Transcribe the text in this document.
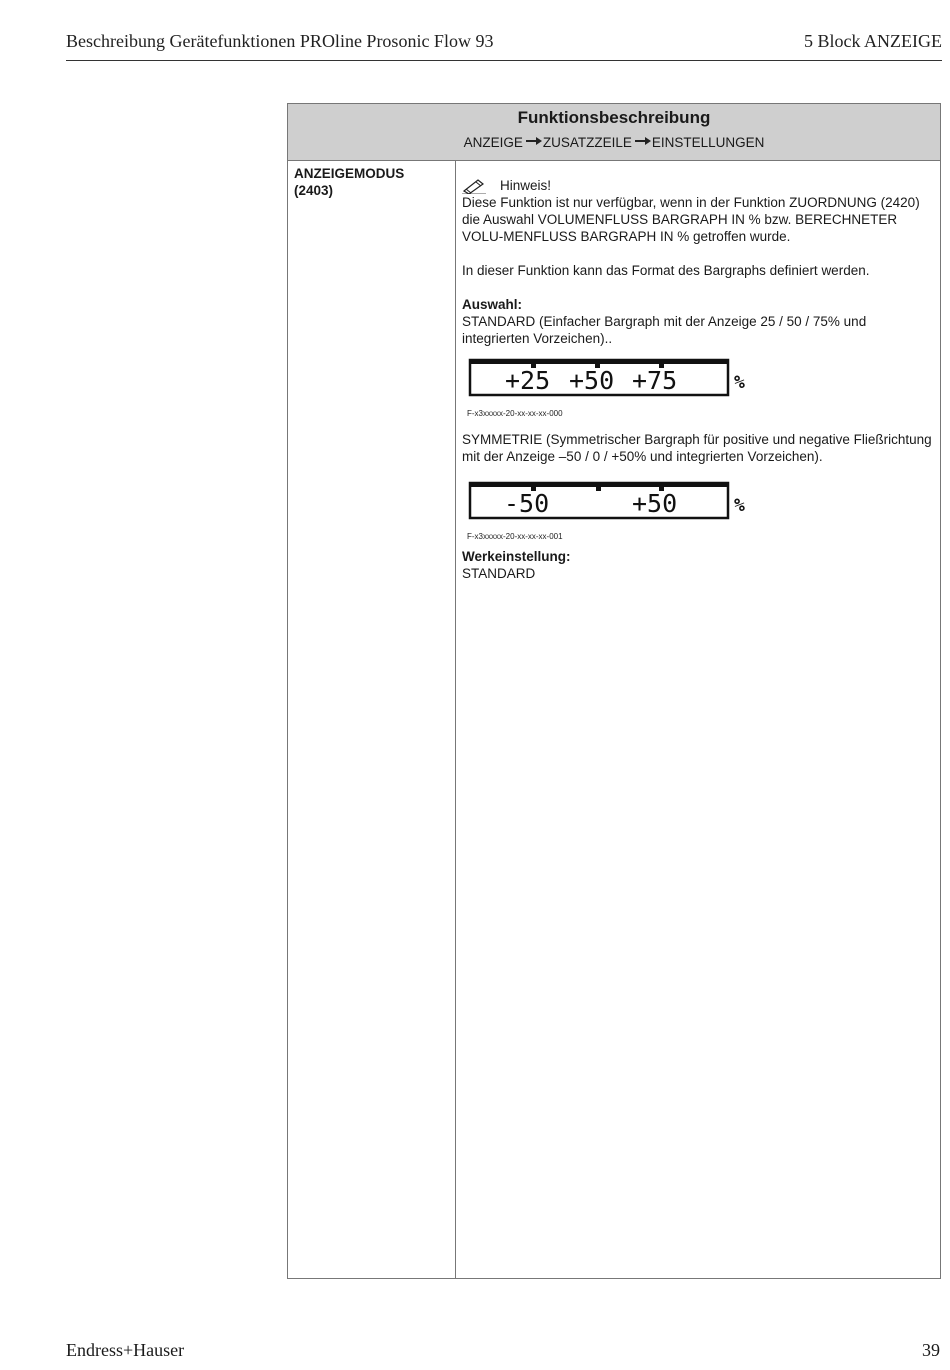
Beschreibung Gerätefunktionen PROline Prosonic Flow 93	5 Block ANZEIGE
Funktionsbeschreibung
ANZEIGE ZUSATZZEILE EINSTELLUNGEN
ANZEIGEMODUS
(2403)	Hinweis!

Diese Funktion ist nur verfügbar, wenn in der Funktion ZUORDNUNG (2420) die Auswahl VOLUMENFLUSS BARGRAPH IN % bzw. BERECHNETER VOLU-MENFLUSS BARGRAPH IN % getroffen wurde.

In dieser Funktion kann das Format des Bargraphs definiert werden.

Auswahl:

STANDARD (Einfacher Bargraph mit der Anzeige 25 / 50 / 75% und integrierten Vorzeichen)..

+25 +50 +75	%
F-x3xxxxx-20-xx-xx-xx-000

SYMMETRIE (Symmetrischer Bargraph für positive und negative Fließrichtung mit der Anzeige –50 / 0 / +50% und integrierten Vorzeichen).

-50	+50	%
F-x3xxxxx-20-xx-xx-xx-001

Werkeinstellung:

STANDARD

Endress+Hauser	39
